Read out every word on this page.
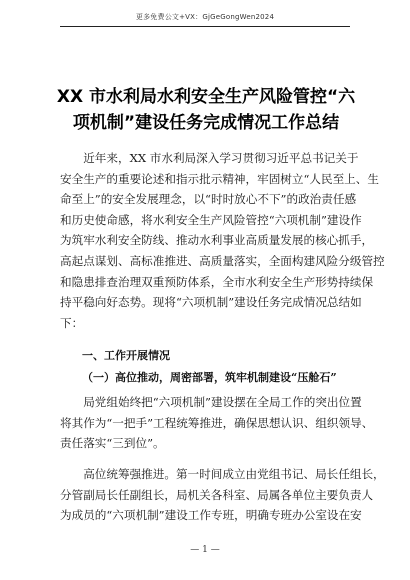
更多免费公文+VX：GjGeGongWen2024
XX 市水利局水利安全生产风险管控“六
项机制”建设任务完成情况工作总结
　　近年来，XX 市水利局深入学习贯彻习近平总书记关于
安全生产的重要论述和指示批示精神，牢固树立“人民至上、生
命至上”的安全发展理念，以“时时放心不下”的政治责任感
和历史使命感，将水利安全生产风险管控“六项机制”建设作
为筑牢水利安全防线、推动水利事业高质量发展的核心抓手，
高起点谋划、高标准推进、高质量落实，全面构建风险分级管控
和隐患排查治理双重预防体系，全市水利安全生产形势持续保
持平稳向好态势。现将“六项机制”建设任务完成情况总结如
下：
一、工作开展情况
（一）高位推动，周密部署，筑牢机制建设“压舱石”
　　局党组始终把“六项机制”建设摆在全局工作的突出位置
将其作为“一把手”工程统筹推进，确保思想认识、组织领导、
责任落实“三到位”。
　　高位统筹强推进。第一时间成立由党组书记、局长任组长，
分管副局长任副组长，局机关各科室、局属各单位主要负责人
为成员的“六项机制”建设工作专班，明确专班办公室设在安
— 1 —
